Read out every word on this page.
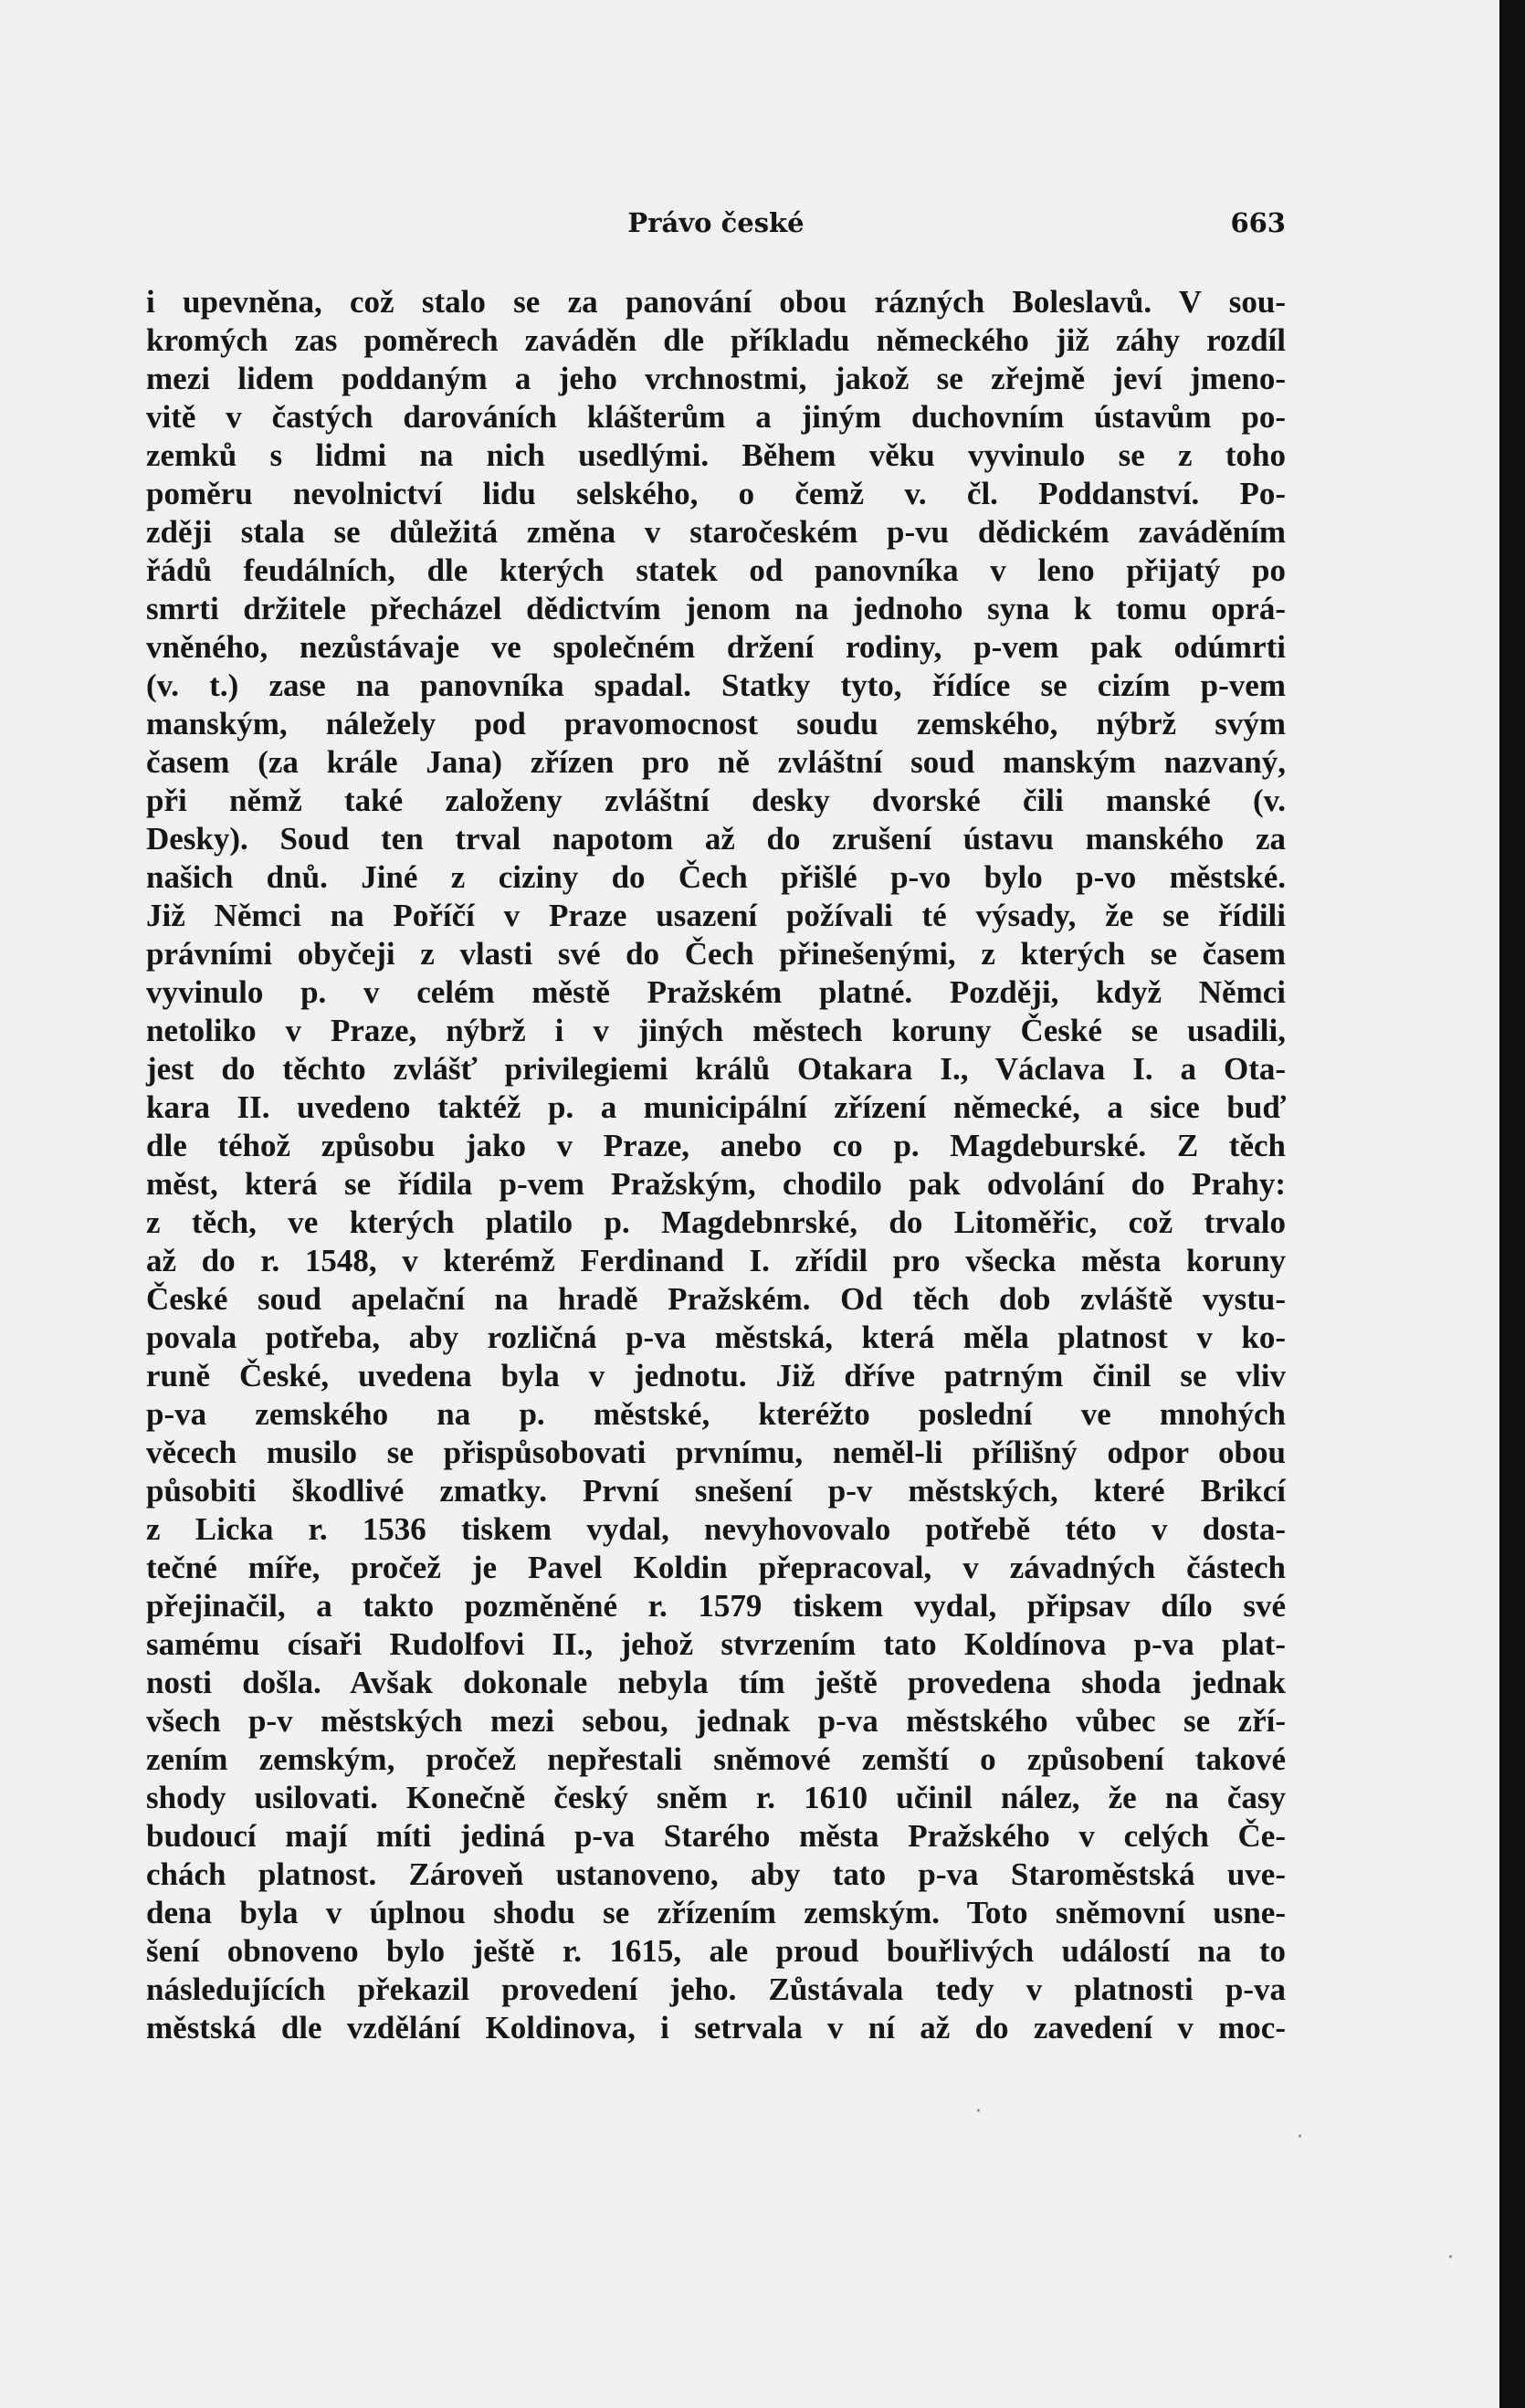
Právo české	663
i upevněna, což stalo se za panování obou rázných Boleslavů. V sou-
kromých zas poměrech zaváděn dle příkladu německého již záhy rozdíl
mezi lidem poddaným a jeho vrchnostmi, jakož se zřejmě jeví jmeno-
vitě v častých darováních klášterům a jiným duchovním ústavům po-
zemků s lidmi na nich usedlými. Během věku vyvinulo se z toho
poměru nevolnictví lidu selského, o čemž v. čl. Poddanství. Po-
zději stala se důležitá změna v staročeském p-vu dědickém zaváděním
řádů feudálních, dle kterých statek od panovníka v leno přijatý po
smrti držitele přecházel dědictvím jenom na jednoho syna k tomu oprá-
vněného, nezůstávaje ve společném držení rodiny, p-vem pak odúmrti
(v. t.) zase na panovníka spadal. Statky tyto, řídíce se cizím p-vem
manským, náležely pod pravomocnost soudu zemského, nýbrž svým
časem (za krále Jana) zřízen pro ně zvláštní soud manským nazvaný,
při němž také založeny zvláštní desky dvorské čili manské (v.
Desky). Soud ten trval napotom až do zrušení ústavu manského za
našich dnů. Jiné z ciziny do Čech přišlé p-vo bylo p-vo městské.
Již Němci na Poříčí v Praze usazení požívali té výsady, že se řídili
právními obyčeji z vlasti své do Čech přinešenými, z kterých se časem
vyvinulo p. v celém městě Pražském platné. Později, když Němci
netoliko v Praze, nýbrž i v jiných městech koruny České se usadili,
jest do těchto zvlášť privilegiemi králů Otakara I., Václava I. a Ota-
kara II. uvedeno taktéž p. a municipální zřízení německé, a sice buď
dle téhož způsobu jako v Praze, anebo co p. Magdeburské. Z těch
měst, která se řídila p-vem Pražským, chodilo pak odvolání do Prahy:
z těch, ve kterých platilo p. Magdebnrské, do Litoměřic, což trvalo
až do r. 1548, v kterémž Ferdinand I. zřídil pro všecka města koruny
České soud apelační na hradě Pražském. Od těch dob zvláště vystu-
povala potřeba, aby rozličná p-va městská, která měla platnost v ko-
runě České, uvedena byla v jednotu. Již dříve patrným činil se vliv
p-va zemského na p. městské, kteréžto poslední ve mnohých
věcech musilo se přispůsobovati prvnímu, neměl-li přílišný odpor obou
působiti škodlivé zmatky. První snešení p-v městských, které Brikcí
z Licka r. 1536 tiskem vydal, nevyhovovalo potřebě této v dosta-
tečné míře, pročež je Pavel Koldin přepracoval, v závadných částech
přejinačil, a takto pozměněné r. 1579 tiskem vydal, připsav dílo své
samému císaři Rudolfovi II., jehož stvrzením tato Koldínova p-va plat-
nosti došla. Avšak dokonale nebyla tím ještě provedena shoda jednak
všech p-v městských mezi sebou, jednak p-va městského vůbec se zří-
zením zemským, pročež nepřestali sněmové zemští o způsobení takové
shody usilovati. Konečně český sněm r. 1610 učinil nález, že na časy
budoucí mají míti jediná p-va Starého města Pražského v celých Če-
chách platnost. Zároveň ustanoveno, aby tato p-va Staroměstská uve-
dena byla v úplnou shodu se zřízením zemským. Toto sněmovní usne-
šení obnoveno bylo ještě r. 1615, ale proud bouřlivých událostí na to
následujících překazil provedení jeho. Zůstávala tedy v platnosti p-va
městská dle vzdělání Koldinova, i setrvala v ní až do zavedení v moc-
·
·
·
